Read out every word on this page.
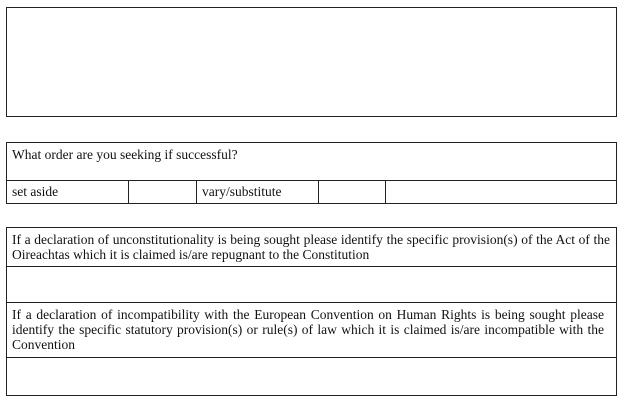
What order are you seeking if successful?
set aside	vary/substitute
If a declaration of unconstitutionality is being sought please identify the specific provision(s) of the Act of the Oireachtas which it is claimed is/are repugnant to the Constitution
If a declaration of incompatibility with the European Convention on Human Rights is being sought please identify the specific statutory provision(s) or rule(s) of law which it is claimed is/are incompatible with the Convention
